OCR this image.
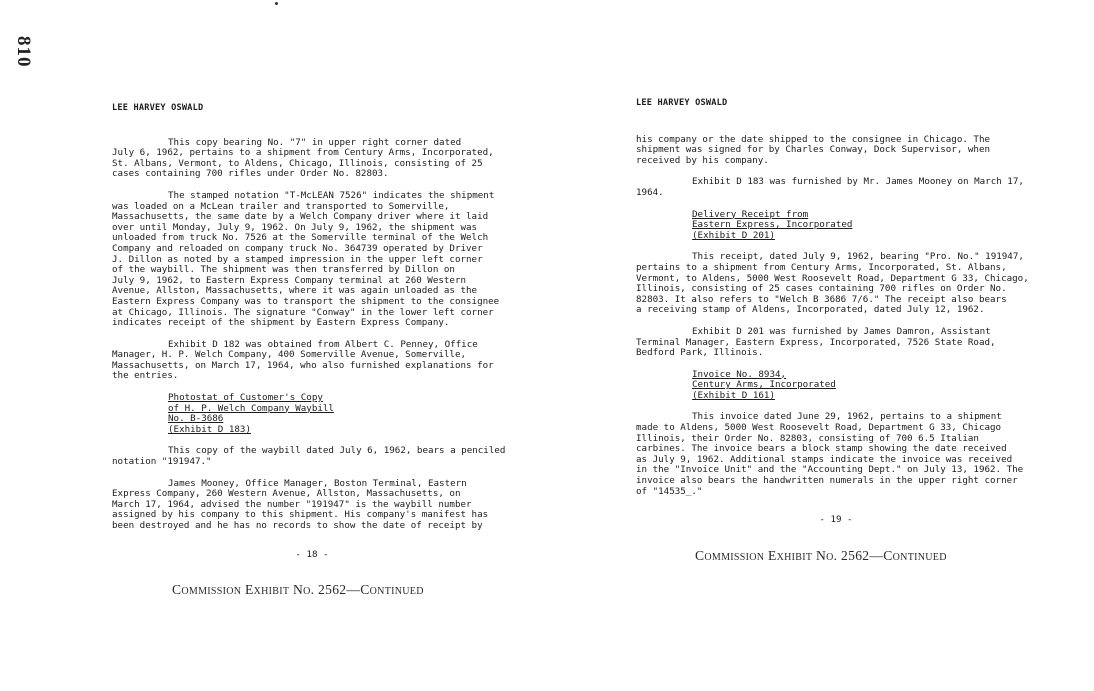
810
LEE HARVEY OSWALD

This copy bearing No. "7" in upper right corner dated
July 6, 1962, pertains to a shipment from Century Arms, Incorporated,
St. Albans, Vermont, to Aldens, Chicago, Illinois, consisting of 25
cases containing 700 rifles under Order No. 82803.

The stamped notation "T-McLEAN 7526" indicates the shipment
was loaded on a McLean trailer and transported to Somerville,
Massachusetts, the same date by a Welch Company driver where it laid
over until Monday, July 9, 1962. On July 9, 1962, the shipment was
unloaded from truck No. 7526 at the Somerville terminal of the Welch
Company and reloaded on company truck No. 364739 operated by Driver
J. Dillon as noted by a stamped impression in the upper left corner
of the waybill. The shipment was then transferred by Dillon on
July 9, 1962, to Eastern Express Company terminal at 260 Western
Avenue, Allston, Massachusetts, where it was again unloaded as the
Eastern Express Company was to transport the shipment to the consignee
at Chicago, Illinois. The signature "Conway" in the lower left corner
indicates receipt of the shipment by Eastern Express Company.

Exhibit D 182 was obtained from Albert C. Penney, Office
Manager, H. P. Welch Company, 400 Somerville Avenue, Somerville,
Massachusetts, on March 17, 1964, who also furnished explanations for
the entries.

Photostat of Customer's Copy
of H. P. Welch Company Waybill
No. B-3686
(Exhibit D 183)

This copy of the waybill dated July 6, 1962, bears a penciled
notation "191947."

James Mooney, Office Manager, Boston Terminal, Eastern
Express Company, 260 Western Avenue, Allston, Massachusetts, on
March 17, 1964, advised the number "191947" is the waybill number
assigned by his company to this shipment. His company's manifest has
been destroyed and he has no records to show the date of receipt by

- 18 -
Commission Exhibit No. 2562—Continued
LEE HARVEY OSWALD

his company or the date shipped to the consignee in Chicago. The
shipment was signed for by Charles Conway, Dock Supervisor, when
received by his company.

Exhibit D 183 was furnished by Mr. James Mooney on March 17,
1964.

Delivery Receipt from
Eastern Express, Incorporated
(Exhibit D 201)

This receipt, dated July 9, 1962, bearing "Pro. No." 191947,
pertains to a shipment from Century Arms, Incorporated, St. Albans,
Vermont, to Aldens, 5000 West Roosevelt Road, Department G 33, Chicago,
Illinois, consisting of 25 cases containing 700 rifles on Order No.
82803. It also refers to "Welch B 3686 7/6." The receipt also bears
a receiving stamp of Aldens, Incorporated, dated July 12, 1962.

Exhibit D 201 was furnished by James Damron, Assistant
Terminal Manager, Eastern Express, Incorporated, 7526 State Road,
Bedford Park, Illinois.

Invoice No. 8934,
Century Arms, Incorporated
(Exhibit D 161)

This invoice dated June 29, 1962, pertains to a shipment
made to Aldens, 5000 West Roosevelt Road, Department G 33, Chicago
Illinois, their Order No. 82803, consisting of 700 6.5 Italian
carbines. The invoice bears a block stamp showing the date received
as July 9, 1962. Additional stamps indicate the invoice was received
in the "Invoice Unit" and the "Accounting Dept." on July 13, 1962. The
invoice also bears the handwritten numerals in the upper right corner
of "14535_."

- 19 -
Commission Exhibit No. 2562—Continued
